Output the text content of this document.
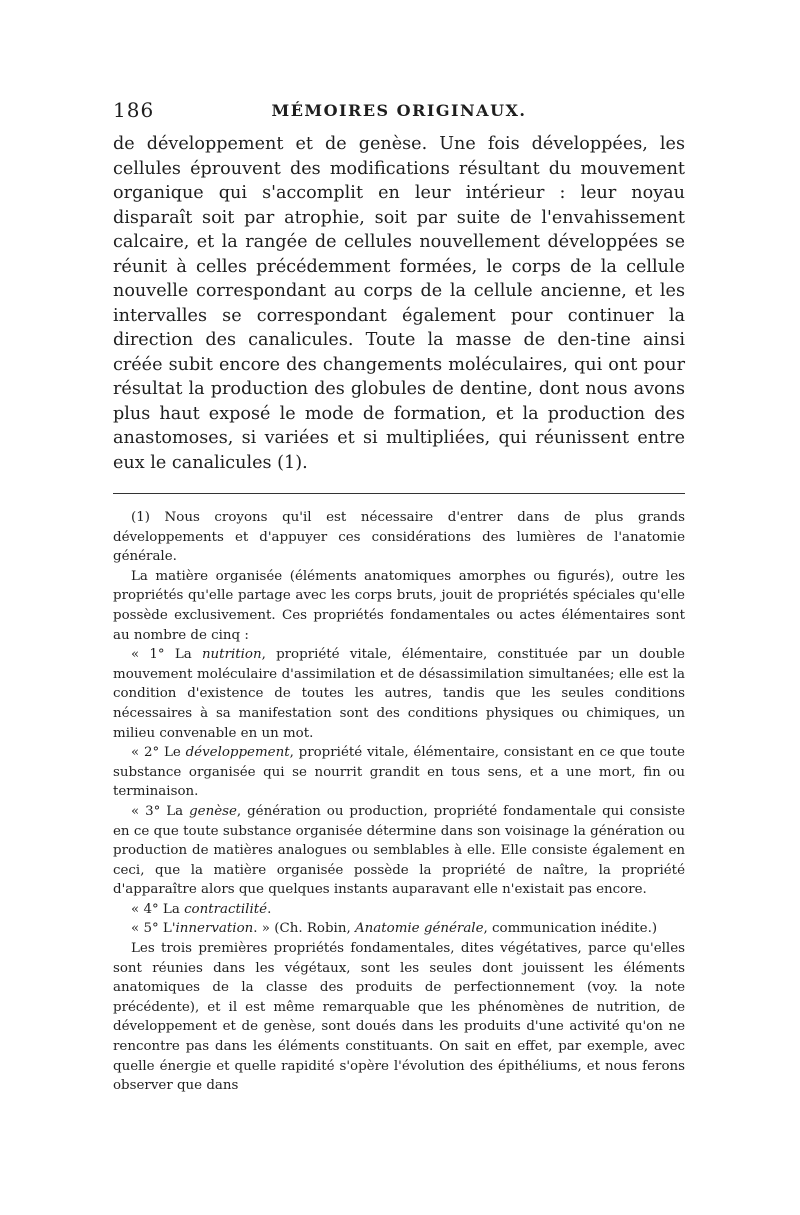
186	MÉMOIRES ORIGINAUX.

de développement et de genèse. Une fois développées, les cellules éprouvent des modifications résultant du mouvement organique qui s'accomplit en leur intérieur : leur noyau disparaît soit par atrophie, soit par suite de l'envahissement calcaire, et la rangée de cellules nouvellement développées se réunit à celles précédemment formées, le corps de la cellule nouvelle correspondant au corps de la cellule ancienne, et les intervalles se correspondant également pour continuer la direction des canalicules. Toute la masse de den-tine ainsi créée subit encore des changements moléculaires, qui ont pour résultat la production des globules de dentine, dont nous avons plus haut exposé le mode de formation, et la production des anastomoses, si variées et si multipliées, qui réunissent entre eux le canalicules (1).

(1) Nous croyons qu'il est nécessaire d'entrer dans de plus grands développements et d'appuyer ces considérations des lumières de l'anatomie générale.

La matière organisée (éléments anatomiques amorphes ou figurés), outre les propriétés qu'elle partage avec les corps bruts, jouit de propriétés spéciales qu'elle possède exclusivement. Ces propriétés fondamentales ou actes élémentaires sont au nombre de cinq :

« 1° La nutrition, propriété vitale, élémentaire, constituée par un double mouvement moléculaire d'assimilation et de désassimilation simultanées; elle est la condition d'existence de toutes les autres, tandis que les seules conditions nécessaires à sa manifestation sont des conditions physiques ou chimiques, un milieu convenable en un mot.

« 2° Le développement, propriété vitale, élémentaire, consistant en ce que toute substance organisée qui se nourrit grandit en tous sens, et a une mort, fin ou terminaison.

« 3° La genèse, génération ou production, propriété fondamentale qui consiste en ce que toute substance organisée détermine dans son voisinage la génération ou production de matières analogues ou semblables à elle. Elle consiste également en ceci, que la matière organisée possède la propriété de naître, la propriété d'apparaître alors que quelques instants auparavant elle n'existait pas encore.

« 4° La contractilité.

« 5° L'innervation. » (Ch. Robin, Anatomie générale, communication inédite.)

Les trois premières propriétés fondamentales, dites végétatives, parce qu'elles sont réunies dans les végétaux, sont les seules dont jouissent les éléments anatomiques de la classe des produits de perfectionnement (voy. la note précédente), et il est même remarquable que les phénomènes de nutrition, de développement et de genèse, sont doués dans les produits d'une activité qu'on ne rencontre pas dans les éléments constituants. On sait en effet, par exemple, avec quelle énergie et quelle rapidité s'opère l'évolution des épithéliums, et nous ferons observer que dans
